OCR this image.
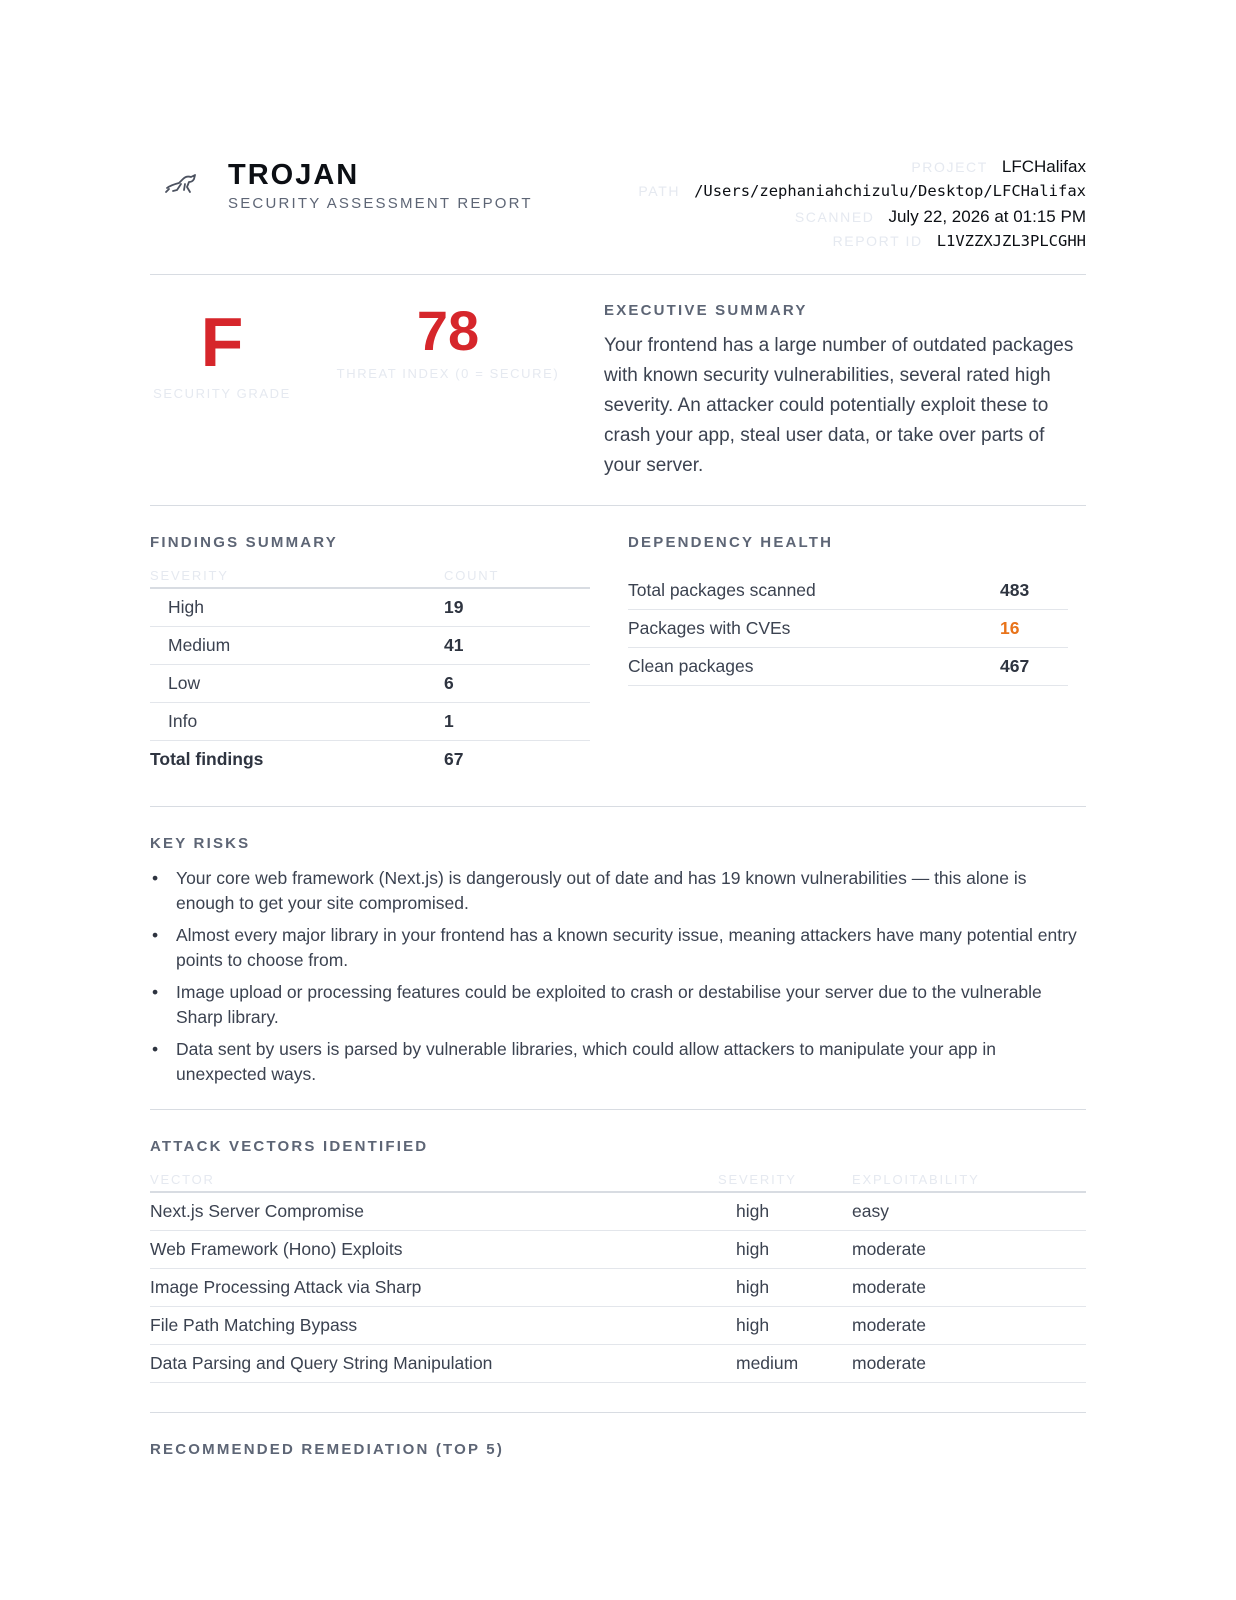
TROJAN
SECURITY ASSESSMENT REPORT
PROJECT LFCHalifax
PATH /Users/zephaniahchizulu/Desktop/LFCHalifax
SCANNED July 22, 2026 at 01:15 PM
REPORT ID L1VZZXJZL3PLCGHH
F
SECURITY GRADE
78
THREAT INDEX (0 = SECURE)
EXECUTIVE SUMMARY
Your frontend has a large number of outdated packages with known security vulnerabilities, several rated high severity. An attacker could potentially exploit these to crash your app, steal user data, or take over parts of your server.
FINDINGS SUMMARY
SEVERITY	COUNT
High	19
Medium	41
Low	6
Info	1
Total findings	67
DEPENDENCY HEALTH
Total packages scanned	483
Packages with CVEs	16
Clean packages	467
KEY RISKS
• Your core web framework (Next.js) is dangerously out of date and has 19 known vulnerabilities — this alone is enough to get your site compromised.
• Almost every major library in your frontend has a known security issue, meaning attackers have many potential entry points to choose from.
• Image upload or processing features could be exploited to crash or destabilise your server due to the vulnerable Sharp library.
• Data sent by users is parsed by vulnerable libraries, which could allow attackers to manipulate your app in unexpected ways.
ATTACK VECTORS IDENTIFIED
VECTOR	SEVERITY	EXPLOITABILITY
Next.js Server Compromise	high	easy
Web Framework (Hono) Exploits	high	moderate
Image Processing Attack via Sharp	high	moderate
File Path Matching Bypass	high	moderate
Data Parsing and Query String Manipulation	medium	moderate
RECOMMENDED REMEDIATION (TOP 5)
